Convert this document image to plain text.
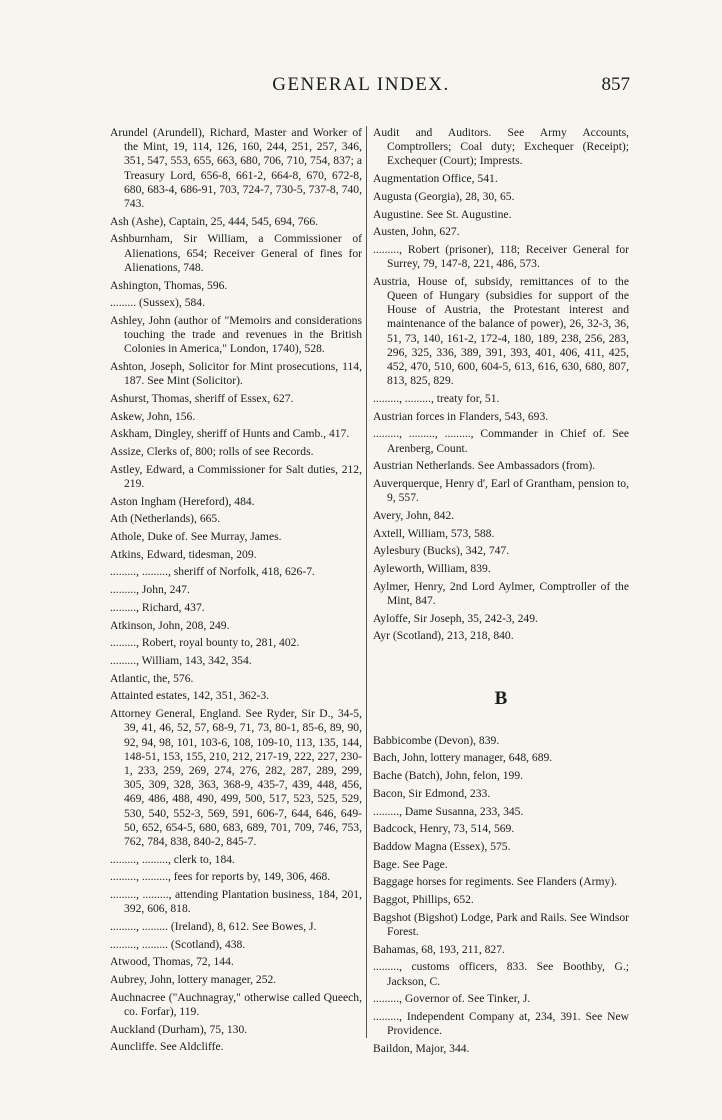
GENERAL INDEX.	857
Arundel (Arundell), Richard, Master and Worker of the Mint, 19, 114, 126, 160, 244, 251, 257, 346, 351, 547, 553, 655, 663, 680, 706, 710, 754, 837; a Treasury Lord, 656-8, 661-2, 664-8, 670, 672-8, 680, 683-4, 686-91, 703, 724-7, 730-5, 737-8, 740, 743.
Ash (Ashe), Captain, 25, 444, 545, 694, 766.
Ashburnham, Sir William, a Commissioner of Alienations, 654; Receiver General of fines for Alienations, 748.
Ashington, Thomas, 596.
......... (Sussex), 584.
Ashley, John (author of "Memoirs and considerations touching the trade and revenues in the British Colonies in America," London, 1740), 528.
Ashton, Joseph, Solicitor for Mint prosecutions, 114, 187. See Mint (Solicitor).
Ashurst, Thomas, sheriff of Essex, 627.
Askew, John, 156.
Askham, Dingley, sheriff of Hunts and Camb., 417.
Assize, Clerks of, 800; rolls of see Records.
Astley, Edward, a Commissioner for Salt duties, 212, 219.
Aston Ingham (Hereford), 484.
Ath (Netherlands), 665.
Athole, Duke of. See Murray, James.
Atkins, Edward, tidesman, 209.
........., ........., sheriff of Norfolk, 418, 626-7.
........., John, 247.
........., Richard, 437.
Atkinson, John, 208, 249.
........., Robert, royal bounty to, 281, 402.
........., William, 143, 342, 354.
Atlantic, the, 576.
Attainted estates, 142, 351, 362-3.
Attorney General, England. See Ryder, Sir D., 34-5, 39, 41, 46, 52, 57, 68-9, 71, 73, 80-1, 85-6, 89, 90, 92, 94, 98, 101, 103-6, 108, 109-10, 113, 135, 144, 148-51, 153, 155, 210, 212, 217-19, 222, 227, 230-1, 233, 259, 269, 274, 276, 282, 287, 289, 299, 305, 309, 328, 363, 368-9, 435-7, 439, 448, 456, 469, 486, 488, 490, 499, 500, 517, 523, 525, 529, 530, 540, 552-3, 569, 591, 606-7, 644, 646, 649-50, 652, 654-5, 680, 683, 689, 701, 709, 746, 753, 762, 784, 838, 840-2, 845-7.
........., ........., clerk to, 184.
........., ........., fees for reports by, 149, 306, 468.
........., ........., attending Plantation business, 184, 201, 392, 606, 818.
........., ......... (Ireland), 8, 612. See Bowes, J.
........., ......... (Scotland), 438.
Atwood, Thomas, 72, 144.
Aubrey, John, lottery manager, 252.
Auchnacree ("Auchnagray," otherwise called Queech, co. Forfar), 119.
Auckland (Durham), 75, 130.
Auncliffe. See Aldcliffe.
Audit and Auditors. See Army Accounts, Comptrollers; Coal duty; Exchequer (Receipt); Exchequer (Court); Imprests.
Augmentation Office, 541.
Augusta (Georgia), 28, 30, 65.
Augustine. See St. Augustine.
Austen, John, 627.
........., Robert (prisoner), 118; Receiver General for Surrey, 79, 147-8, 221, 486, 573.
Austria, House of, subsidy, remittances of to the Queen of Hungary (subsidies for support of the House of Austria, the Protestant interest and maintenance of the balance of power), 26, 32-3, 36, 51, 73, 140, 161-2, 172-4, 180, 189, 238, 256, 283, 296, 325, 336, 389, 391, 393, 401, 406, 411, 425, 452, 470, 510, 600, 604-5, 613, 616, 630, 680, 807, 813, 825, 829.
........., ........., treaty for, 51.
Austrian forces in Flanders, 543, 693.
........., ........., ........., Commander in Chief of. See Arenberg, Count.
Austrian Netherlands. See Ambassadors (from).
Auverquerque, Henry d', Earl of Grantham, pension to, 9, 557.
Avery, John, 842.
Axtell, William, 573, 588.
Aylesbury (Bucks), 342, 747.
Ayleworth, William, 839.
Aylmer, Henry, 2nd Lord Aylmer, Comptroller of the Mint, 847.
Ayloffe, Sir Joseph, 35, 242-3, 249.
Ayr (Scotland), 213, 218, 840.
B
Babbicombe (Devon), 839.
Bach, John, lottery manager, 648, 689.
Bache (Batch), John, felon, 199.
Bacon, Sir Edmond, 233.
........., Dame Susanna, 233, 345.
Badcock, Henry, 73, 514, 569.
Baddow Magna (Essex), 575.
Bage. See Page.
Baggage horses for regiments. See Flanders (Army).
Baggot, Phillips, 652.
Bagshot (Bigshot) Lodge, Park and Rails. See Windsor Forest.
Bahamas, 68, 193, 211, 827.
........., customs officers, 833. See Boothby, G.; Jackson, C.
........., Governor of. See Tinker, J.
........., Independent Company at, 234, 391. See New Providence.
Baildon, Major, 344.
